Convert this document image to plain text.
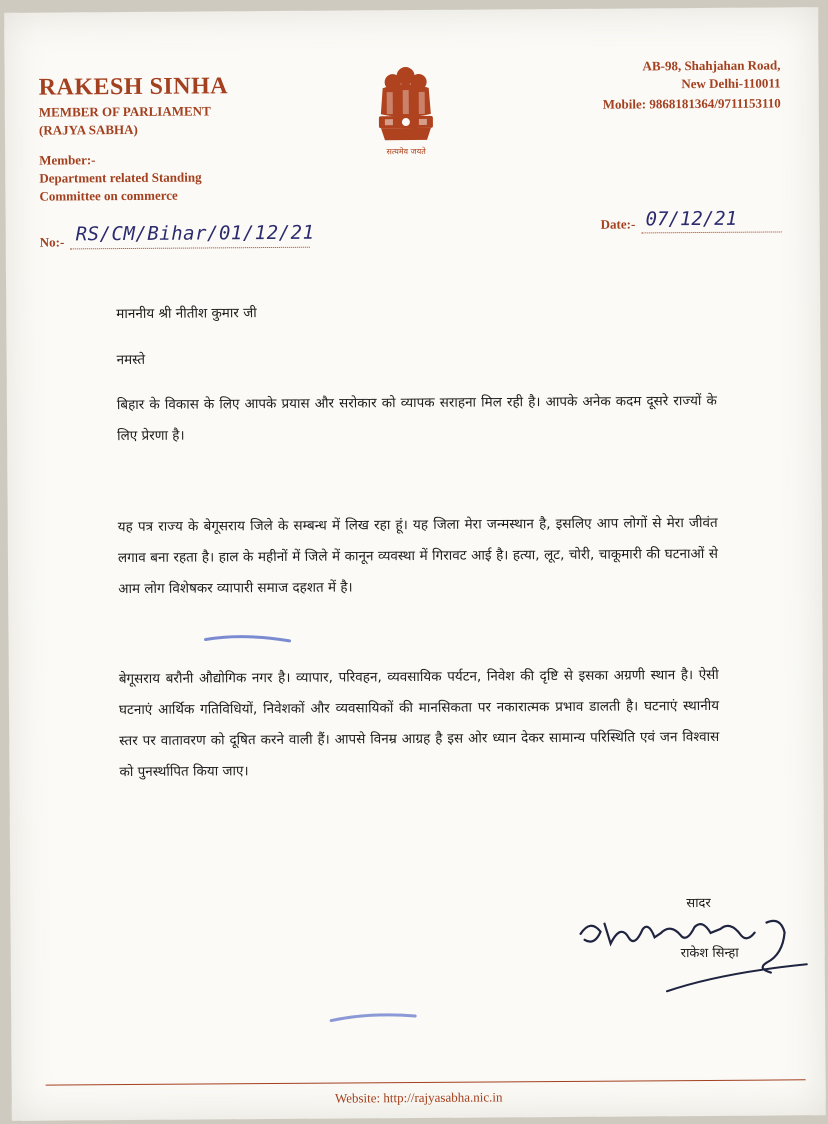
RAKESH SINHA
MEMBER OF PARLIAMENT
(RAJYA SABHA)
Member:-
Department related Standing
Committee on commerce
सत्यमेव जयते
AB-98, Shahjahan Road,
New Delhi-110011
Mobile: 9868181364/9711153110
No:- RS/CM/Bihar/01/12/21	Date:- 07/12/21
माननीय श्री नीतीश कुमार जी
नमस्ते
बिहार के विकास के लिए आपके प्रयास और सरोकार को व्यापक सराहना मिल रही है। आपके अनेक कदम दूसरे राज्यों के लिए प्रेरणा है।
यह पत्र राज्य के बेगूसराय जिले के सम्बन्ध में लिख रहा हूं। यह जिला मेरा जन्मस्थान है, इसलिए आप लोगों से मेरा जीवंत लगाव बना रहता है। हाल के महीनों में जिले में कानून व्यवस्था में गिरावट आई है। हत्या, लूट, चोरी, चाकूमारी की घटनाओं से आम लोग विशेषकर व्यापारी समाज दहशत में है।
बेगूसराय बरौनी औद्योगिक नगर है। व्यापार, परिवहन, व्यवसायिक पर्यटन, निवेश की दृष्टि से इसका अग्रणी स्थान है। ऐसी घटनाएं आर्थिक गतिविधियों, निवेशकों और व्यवसायिकों की मानसिकता पर नकारात्मक प्रभाव डालती है। घटनाएं स्थानीय स्तर पर वातावरण को दूषित करने वाली हैं। आपसे विनम्र आग्रह है इस ओर ध्यान देकर सामान्य परिस्थिति एवं जन विश्वास को पुनर्स्थापित किया जाए।
सादर
राकेश सिन्हा
Website: http://rajyasabha.nic.in
